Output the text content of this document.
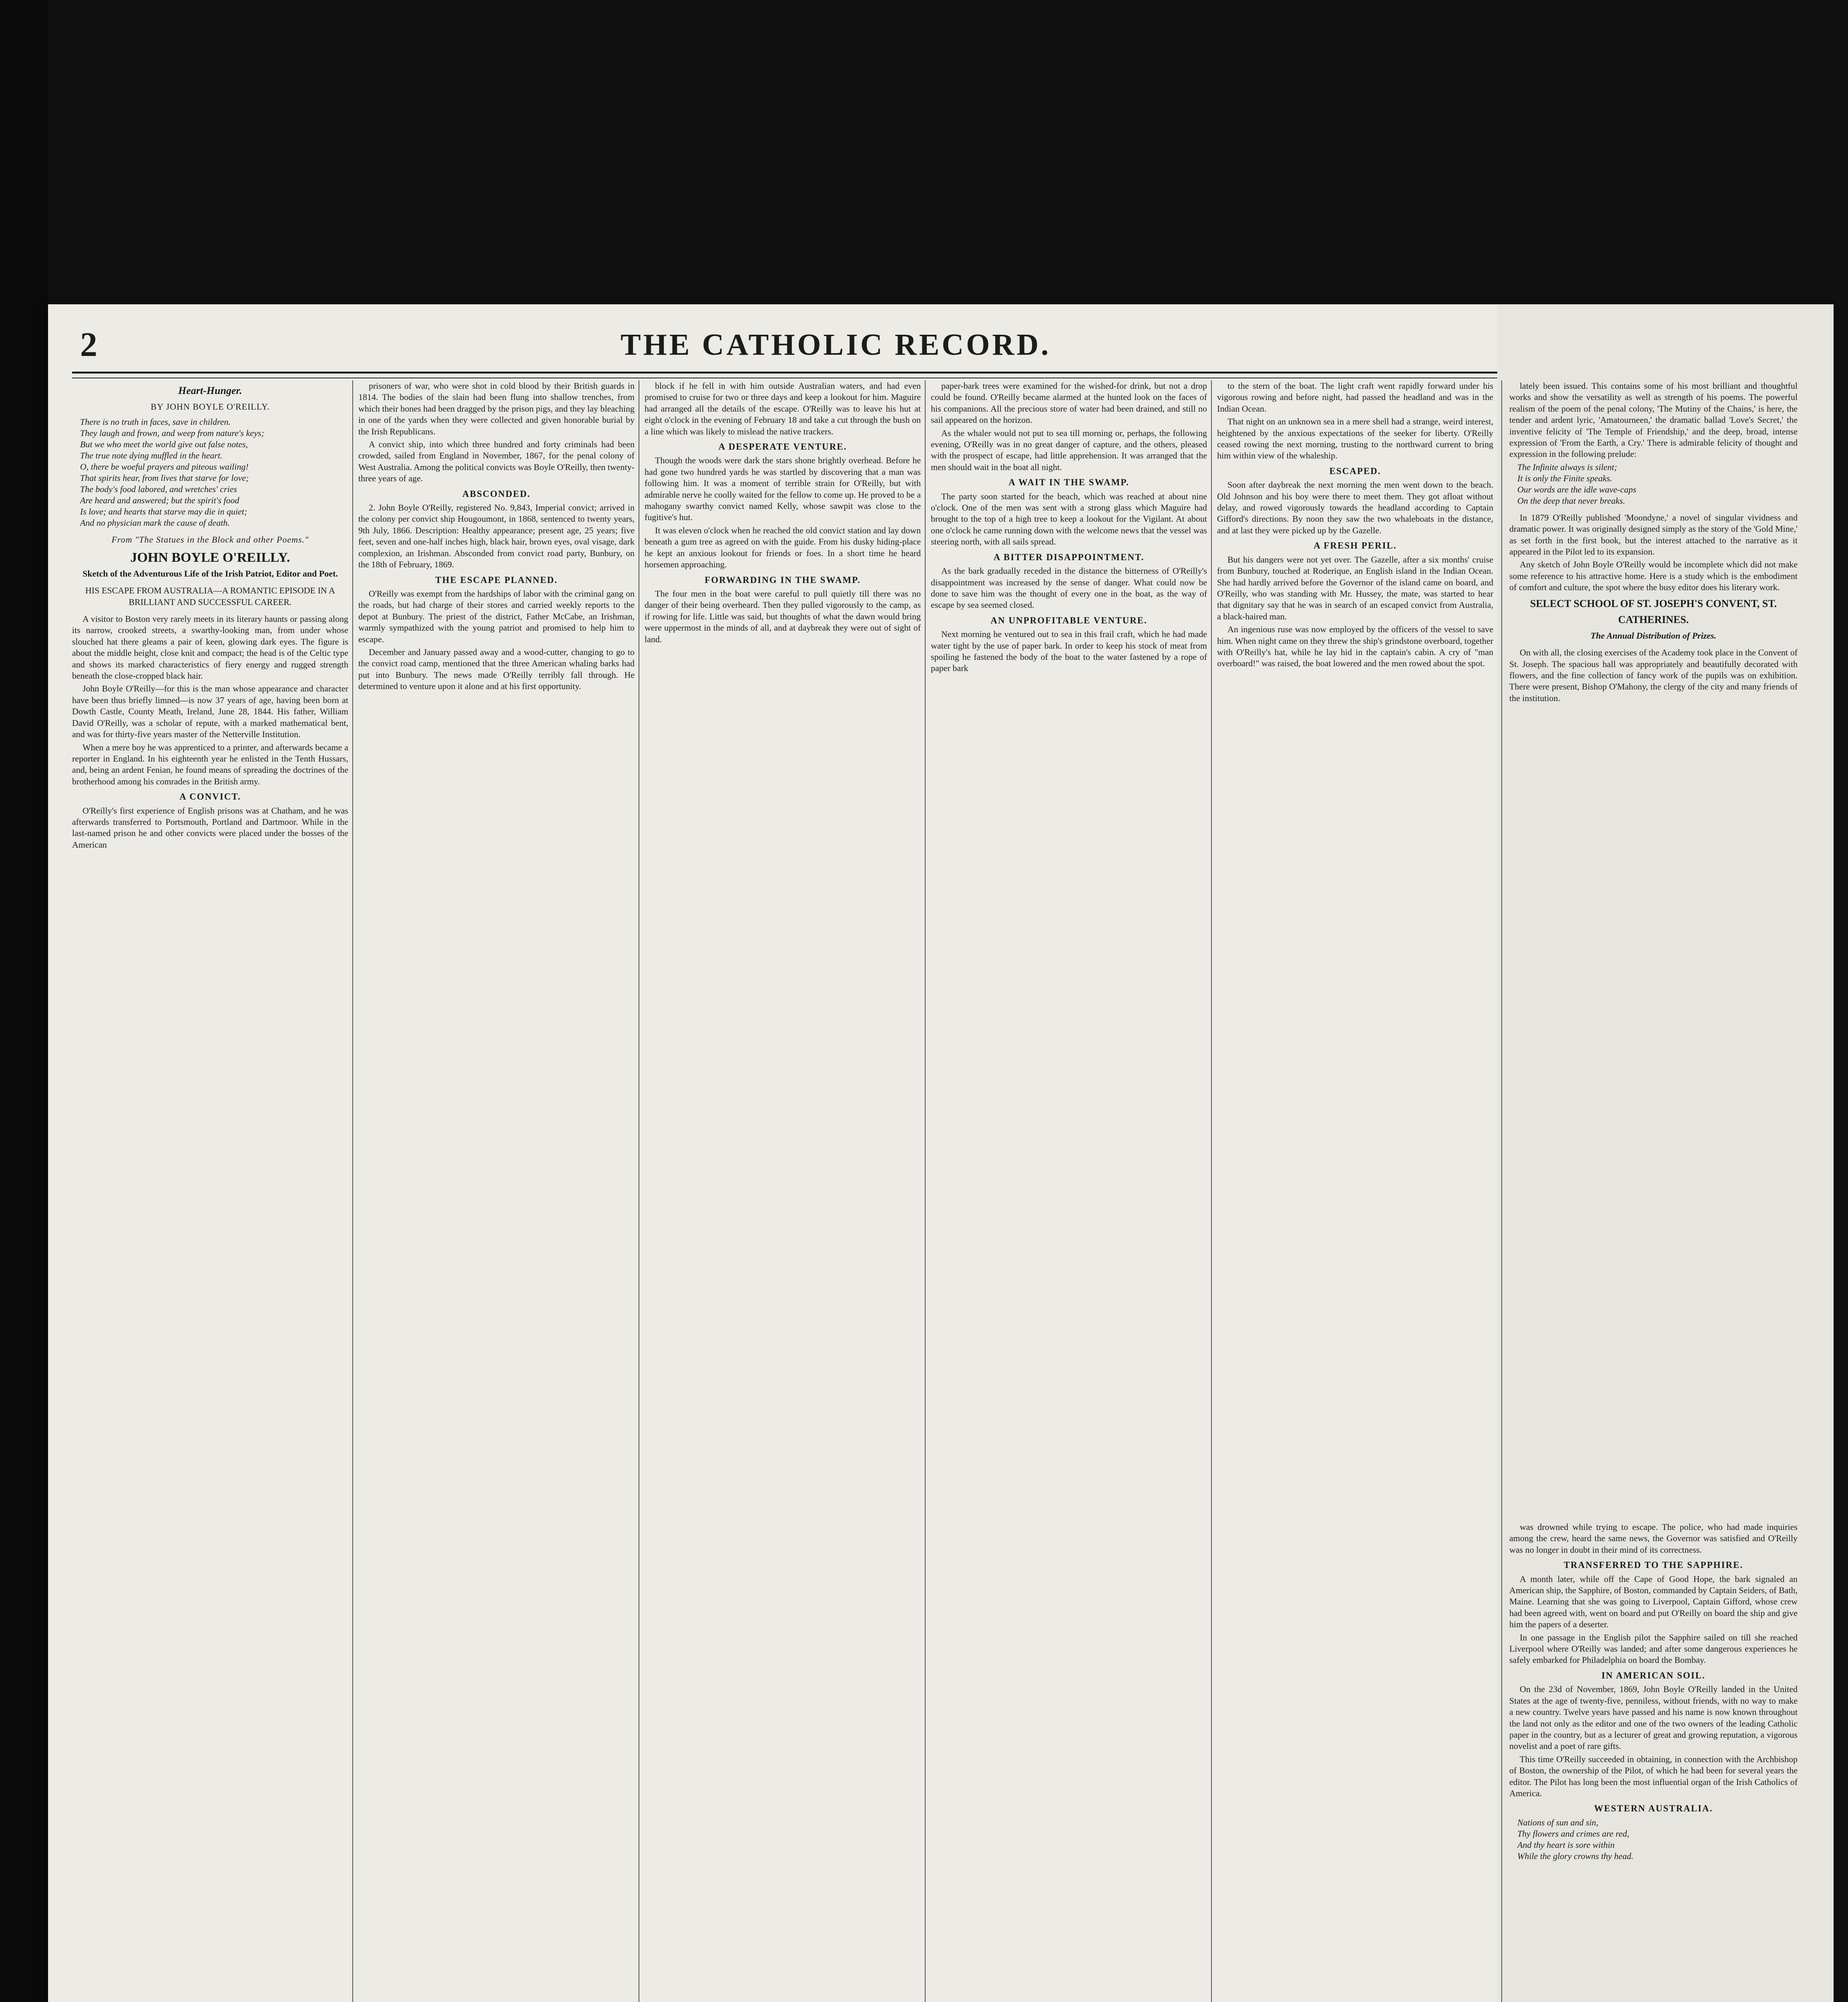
2	THE CATHOLIC RECORD.
Heart-Hunger.
BY JOHN BOYLE O'REILLY.
There is no truth in faces, save in children.
They laugh and frown, and weep from nature's keys;
But we who meet the world give out false notes,
The true note dying muffled in the heart.
O, there be woeful prayers and piteous wailing!
That spirits hear, from lives that starve for love;
The body's food labored, and wretches' cries
Are heard and answered; but the spirit's food
Is love; and hearts that starve may die in quiet;
And no physician mark the cause of death.
From "The Statues in the Block and other Poems."
JOHN BOYLE O'REILLY.
Sketch of the Adventurous Life of the Irish Patriot, Editor and Poet.
HIS ESCAPE FROM AUSTRALIA—A ROMANTIC EPISODE IN A BRILLIANT AND SUCCESSFUL CAREER.

A visitor to Boston very rarely meets in its literary haunts or passing along its narrow, crooked streets, a swarthy-looking man, from under whose slouched hat there gleams a pair of keen, glowing dark eyes. The figure is about the middle height, close knit and compact; the head is of the Celtic type and shows its marked characteristics of fiery energy and rugged strength beneath the close-cropped black hair.

John Boyle O'Reilly—for this is the man whose appearance and character have been thus briefly limned—is now 37 years of age, having been born at Dowth Castle, County Meath, Ireland, June 28, 1844. His father, William David O'Reilly, was a scholar of repute, with a marked mathematical bent, and was for thirty-five years master of the Netterville Institution.

When a mere boy he was apprenticed to a printer, and afterwards became a reporter in England. In his eighteenth year he enlisted in the Tenth Hussars, and, being an ardent Fenian, he found means of spreading the doctrines of the brotherhood among his comrades in the British army.

A CONVICT.

O'Reilly's first experience of English prisons was at Chatham, and he was afterwards transferred to Portsmouth, Portland and Dartmoor. While in the last-named prison he and other convicts were placed under the bosses of the American

prisoners of war, who were shot in cold blood by their British guards in 1814. The bodies of the slain had been flung into shallow trenches, from which their bones had been dragged by the prison pigs, and they lay bleaching in one of the yards when they were collected and given honorable burial by the Irish Republicans.

A convict ship, into which three hundred and forty criminals had been crowded, sailed from England in November, 1867, for the penal colony of West Australia. Among the political convicts was Boyle O'Reilly, then twenty-three years of age.

ABSCONDED.

2. John Boyle O'Reilly, registered No. 9,843, Imperial convict; arrived in the colony per convict ship Hougoumont, in 1868, sentenced to twenty years, 9th July, 1866. Description: Healthy appearance; present age, 25 years; five feet, seven and one-half inches high, black hair, brown eyes, oval visage, dark complexion, an Irishman. Absconded from convict road party, Bunbury, on the 18th of February, 1869.

THE ESCAPE PLANNED.

O'Reilly was exempt from the hardships of labor with the criminal gang on the roads, but had charge of their stores and carried weekly reports to the depot at Bunbury. The priest of the district, Father McCabe, an Irishman, warmly sympathized with the young patriot and promised to help him to escape.

December and January passed away and a wood-cutter, changing to go to the convict road camp, mentioned that the three American whaling barks had put into Bunbury. The news made O'Reilly terribly fall through. He determined to venture upon it alone and at his first opportunity.

block if he fell in with him outside Australian waters, and had even promised to cruise for two or three days and keep a lookout for him. Maguire had arranged all the details of the escape. O'Reilly was to leave his hut at eight o'clock in the evening of February 18 and take a cut through the bush on a line which was likely to mislead the native trackers.

A DESPERATE VENTURE.

Though the woods were dark the stars shone brightly overhead. Before he had gone two hundred yards he was startled by discovering that a man was following him. It was a moment of terrible strain for O'Reilly, but with admirable nerve he coolly waited for the fellow to come up. He proved to be a mahogany swarthy convict named Kelly, whose sawpit was close to the fugitive's hut.

It was eleven o'clock when he reached the old convict station and lay down beneath a gum tree as agreed on with the guide. From his dusky hiding-place he kept an anxious lookout for friends or foes. In a short time he heard horsemen approaching.

FORWARDING IN THE SWAMP.

The four men in the boat were careful to pull quietly till there was no danger of their being overheard. Then they pulled vigorously to the camp, as if rowing for life. Little was said, but thoughts of what the dawn would bring were uppermost in the minds of all, and at daybreak they were out of sight of land.

paper-bark trees were examined for the wished-for drink, but not a drop could be found. O'Reilly became alarmed at the hunted look on the faces of his companions. All the precious store of water had been drained, and still no sail appeared on the horizon.

As the whaler would not put to sea till morning or, perhaps, the following evening, O'Reilly was in no great danger of capture, and the others, pleased with the prospect of escape, had little apprehension. It was arranged that the men should wait in the boat all night.

A WAIT IN THE SWAMP.

The party soon started for the beach, which was reached at about nine o'clock. One of the men was sent with a strong glass which Maguire had brought to the top of a high tree to keep a lookout for the Vigilant. At about one o'clock he came running down with the welcome news that the vessel was steering north, with all sails spread.

A BITTER DISAPPOINTMENT.

As the bark gradually receded in the distance the bitterness of O'Reilly's disappointment was increased by the sense of danger. What could now be done to save him was the thought of every one in the boat, as the way of escape by sea seemed closed.

AN UNPROFITABLE VENTURE.

Next morning he ventured out to sea in this frail craft, which he had made water tight by the use of paper bark. In order to keep his stock of meat from spoiling he fastened the body of the boat to the water fastened by a rope of paper bark

to the stern of the boat. The light craft went rapidly forward under his vigorous rowing and before night, had passed the headland and was in the Indian Ocean.

That night on an unknown sea in a mere shell had a strange, weird interest, heightened by the anxious expectations of the seeker for liberty. O'Reilly ceased rowing the next morning, trusting to the northward current to bring him within view of the whaleship.

ESCAPED.

Soon after daybreak the next morning the men went down to the beach. Old Johnson and his boy were there to meet them. They got afloat without delay, and rowed vigorously towards the headland according to Captain Gifford's directions. By noon they saw the two whaleboats in the distance, and at last they were picked up by the Gazelle.

A FRESH PERIL.

But his dangers were not yet over. The Gazelle, after a six months' cruise from Bunbury, touched at Roderique, an English island in the Indian Ocean. She had hardly arrived before the Governor of the island came on board, and O'Reilly, who was standing with Mr. Hussey, the mate, was started to hear that dignitary say that he was in search of an escaped convict from Australia, a black-haired man.

An ingenious ruse was now employed by the officers of the vessel to save him. When night came on they threw the ship's grindstone overboard, together with O'Reilly's hat, while he lay hid in the captain's cabin. A cry of "man overboard!" was raised, the boat lowered and the men rowed about the spot.

lately been issued. This contains some of his most brilliant and thoughtful works and show the versatility as well as strength of his poems. The powerful realism of the poem of the penal colony, 'The Mutiny of the Chains,' is here, the tender and ardent lyric, 'Amatourneen,' the dramatic ballad 'Love's Secret,' the inventive felicity of 'The Temple of Friendship,' and the deep, broad, intense expression of 'From the Earth, a Cry.' There is admirable felicity of thought and expression in the following prelude:

The Infinite always is silent;
It is only the Finite speaks.
Our words are the idle wave-caps
On the deep that never breaks.

In 1879 O'Reilly published 'Moondyne,' a novel of singular vividness and dramatic power. It was originally designed simply as the story of the 'Gold Mine,' as set forth in the first book, but the interest attached to the narrative as it appeared in the Pilot led to its expansion.

Any sketch of John Boyle O'Reilly would be incomplete which did not make some reference to his attractive home. Here is a study which is the embodiment of comfort and culture, the spot where the busy editor does his literary work.

SELECT SCHOOL OF ST. JOSEPH'S CONVENT, ST. CATHERINES.
The Annual Distribution of Prizes.

On with all, the closing exercises of the Academy took place in the Convent of St. Joseph. The spacious hall was appropriately and beautifully decorated with flowers, and the fine collection of fancy work of the pupils was on exhibition. There were present, Bishop O'Mahony, the clergy of the city and many friends of the institution.

was drowned while trying to escape. The police, who had made inquiries among the crew, heard the same news, the Governor was satisfied and O'Reilly was no longer in doubt in their mind of its correctness.

TRANSFERRED TO THE SAPPHIRE.

A month later, while off the Cape of Good Hope, the bark signaled an American ship, the Sapphire, of Boston, commanded by Captain Seiders, of Bath, Maine. Learning that she was going to Liverpool, Captain Gifford, whose crew had been agreed with, went on board and put O'Reilly on board the ship and give him the papers of a deserter.

In one passage in the English pilot the Sapphire sailed on till she reached Liverpool where O'Reilly was landed; and after some dangerous experiences he safely embarked for Philadelphia on board the Bombay.

IN AMERICAN SOIL.

On the 23d of November, 1869, John Boyle O'Reilly landed in the United States at the age of twenty-five, penniless, without friends, with no way to make a new country. Twelve years have passed and his name is now known throughout the land not only as the editor and one of the two owners of the leading Catholic paper in the country, but as a lecturer of great and growing reputation, a vigorous novelist and a poet of rare gifts.

This time O'Reilly succeeded in obtaining, in connection with the Archbishop of Boston, the ownership of the Pilot, of which he had been for several years the editor. The Pilot has long been the most influential organ of the Irish Catholics of America.

WESTERN AUSTRALIA.
Nations of sun and sin,
Thy flowers and crimes are red,
And thy heart is sore within
While the glory crowns thy head.
